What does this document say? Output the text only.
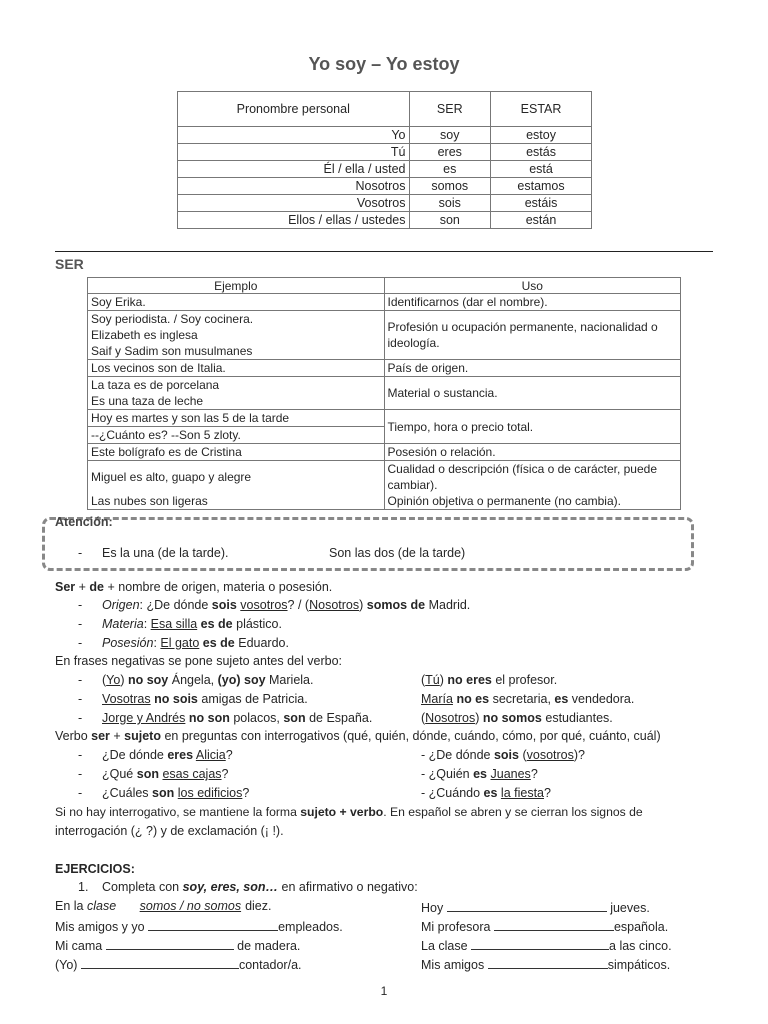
Yo soy – Yo estoy
Pronombre personal	SER	ESTAR
Yo	soy	estoy
Tú	eres	estás
Él / ella / usted	es	está
Nosotros	somos	estamos
Vosotros	sois	estáis
Ellos / ellas / ustedes	son	están
SER
Ejemplo	Uso
Soy Erika.	Identificarnos (dar el nombre).

Soy periodista. / Soy cocinera.
Elizabeth es inglesa
Saif y Sadim son musulmanes	Profesión u ocupación permanente, nacionalidad o ideología.
Los vecinos son de Italia.	País de origen.

La taza es de porcelana
Es una taza de leche	Material o sustancia.
Hoy es martes y son las 5 de la tarde	Tiempo, hora o precio total.
--¿Cuánto es? --Son 5 zloty.	
Este bolígrafo es de Cristina	Posesión o relación.
Miguel es alto, guapo y alegre	Cualidad o descripción (física o de carácter, puede cambiar).
Las nubes son ligeras	Opinión objetiva o permanente (no cambia).
Atención:
- Es la una (de la tarde).	Son las dos (de la tarde)
Ser + de + nombre de origen, materia o posesión.
- Origen: ¿De dónde sois vosotros? / (Nosotros) somos de Madrid.
- Materia: Esa silla es de plástico.
- Posesión: El gato es de Eduardo.
En frases negativas se pone sujeto antes del verbo:
- (Yo) no soy Ángela, (yo) soy Mariela.	(Tú) no eres el profesor.
- Vosotras no sois amigas de Patricia.	María no es secretaria, es vendedora.
- Jorge y Andrés no son polacos, son de España.	(Nosotros) no somos estudiantes.
Verbo ser + sujeto en preguntas con interrogativos (qué, quién, dónde, cuándo, cómo, por qué, cuánto, cuál)
- ¿De dónde eres Alicia?	- ¿De dónde sois (vosotros)?
- ¿Qué son esas cajas?	- ¿Quién es Juanes?
- ¿Cuáles son los edificios?	- ¿Cuándo es la fiesta?
Si no hay interrogativo, se mantiene la forma sujeto + verbo. En español se abren y se cierran los signos de
interrogación (¿ ?) y de exclamación (¡ !).
EJERCICIOS:
1. Completa con soy, eres, son… en afirmativo o negativo:
En la clase somos / no somos diez.	Hoy	jueves.
Mis amigos y yo	empleados.	Mi profesora	española.
Mi cama	de madera.	La clase	a las cinco.
(Yo)	contador/a.	Mis amigos	simpáticos.
1
